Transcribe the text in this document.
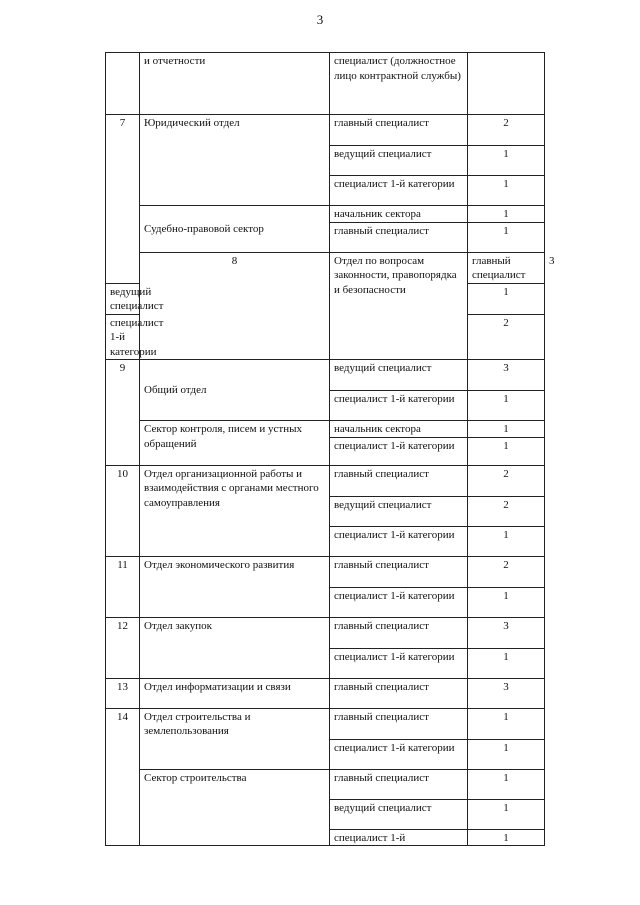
3
	и отчетности	специалист (должностное лицо контрактной службы)		
7	Юридический отдел	главный специалист	2	
		ведущий специалист	1	
		специалист 1-й категории	1	
	Судебно-правовой сектор	начальник сектора	1	
		главный специалист	1	
	8	Отдел по вопросам законности, правопорядка и безопасности	главный специалист	3
ведущий специалист			1	
специалист 1-й категории			2	
9	Общий отдел	ведущий специалист	3	
		специалист 1-й категории	1	
	Сектор контроля, писем и устных обращений	начальник сектора	1	
		специалист 1-й категории	1	
10	Отдел организационной работы и взаимодействия с органами местного самоуправления	главный специалист	2	
		ведущий специалист	2	
		специалист 1-й категории	1	
11	Отдел экономического развития	главный специалист	2	
		специалист 1-й категории	1	
12	Отдел закупок	главный специалист	3	
		специалист 1-й категории	1	
13	Отдел информатизации и связи	главный специалист	3	
14	Отдел строительства и землепользования	главный специалист	1	
		специалист 1-й категории	1	
	Сектор строительства	главный специалист	1	
		ведущий специалист	1	
		специалист 1-й	1	
